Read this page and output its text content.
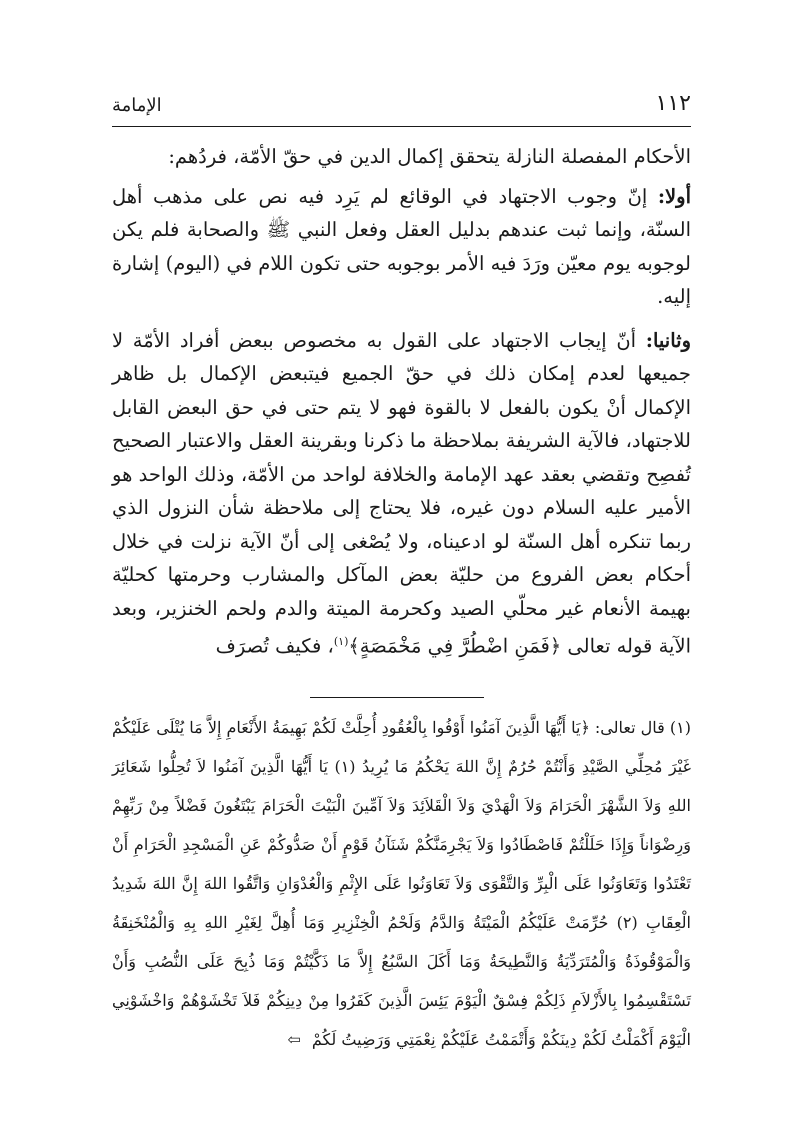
١١٢
الإمامة

الأحكام المفصلة النازلة يتحقق إكمال الدين في حقّ الأمّة، فردُهم:

أولا: إنّ وجوب الاجتهاد في الوقائع لم يَرِد فيه نص على مذهب أهل السنّة، وإنما ثبت عندهم بدليل العقل وفعل النبي ﷺ والصحابة فلم يكن لوجوبه يوم معيّن ورَدَ فيه الأمر بوجوبه حتى تكون اللام في (اليوم) إشارة إليه.

وثانيا: أنّ إيجاب الاجتهاد على القول به مخصوص ببعض أفراد الأمّة لا جميعها لعدم إمكان ذلك في حقّ الجميع فيتبعض الإكمال بل ظاهر الإكمال أنْ يكون بالفعل لا بالقوة فهو لا يتم حتى في حق البعض القابل للاجتهاد، فالآية الشريفة بملاحظة ما ذكرنا وبقرينة العقل والاعتبار الصحيح تُفصِح وتقضي بعقد عهد الإمامة والخلافة لواحد من الأمّة، وذلك الواحد هو الأمير عليه السلام دون غيره، فلا يحتاج إلى ملاحظة شأن النزول الذي ربما تنكره أهل السنّة لو ادعيناه، ولا يُصْغى إلى أنّ الآية نزلت في خلال أحكام بعض الفروع من حليّة بعض المآكل والمشارب وحرمتها كحليّة بهيمة الأنعام غير محلّي الصيد وكحرمة الميتة والدم ولحم الخنزير، وبعد الآية قوله تعالى ﴿فَمَنِ اضْطُرَّ فِي مَخْمَصَةٍ﴾$^{(١)}$، فكيف تُصرَف

(١) قال تعالى: ﴿يَا أَيُّهَا الَّذِينَ آمَنُوا أَوْفُوا بِالْعُقُودِ أُحِلَّتْ لَكُمْ بَهِيمَةُ الأَنْعَامِ إِلاَّ مَا يُتْلَى عَلَيْكُمْ غَيْرَ مُحِلِّي الصَّيْدِ وَأَنْتُمْ حُرُمٌ إِنَّ اللهَ يَحْكُمُ مَا يُرِيدُ (١) يَا أَيُّهَا الَّذِينَ آمَنُوا لاَ تُحِلُّوا شَعَائِرَ اللهِ وَلاَ الشَّهْرَ الْحَرَامَ وَلاَ الْهَدْيَ وَلاَ الْقَلاَئِدَ وَلاَ آمِّينَ الْبَيْتَ الْحَرَامَ يَبْتَغُونَ فَضْلاً مِنْ رَبِّهِمْ وَرِضْوَاناً وَإِذَا حَلَلْتُمْ فَاصْطَادُوا وَلاَ يَجْرِمَنَّكُمْ شَنَآنُ قَوْمٍ أَنْ صَدُّوكُمْ عَنِ الْمَسْجِدِ الْحَرَامِ أَنْ تَعْتَدُوا وَتَعَاوَنُوا عَلَى الْبِرِّ وَالتَّقْوَى وَلاَ تَعَاوَنُوا عَلَى الإِثْمِ وَالْعُدْوَانِ وَاتَّقُوا اللهَ إِنَّ اللهَ شَدِيدُ الْعِقَابِ (٢) حُرِّمَتْ عَلَيْكُمُ الْمَيْتَةُ وَالدَّمُ وَلَحْمُ الْخِنْزِيرِ وَمَا أُهِلَّ لِغَيْرِ اللهِ بِهِ وَالْمُنْخَنِقَةُ وَالْمَوْقُوذَةُ وَالْمُتَرَدِّيَةُ وَالنَّطِيحَةُ وَمَا أَكَلَ السَّبُعُ إِلاَّ مَا ذَكَّيْتُمْ وَمَا ذُبِحَ عَلَى النُّصُبِ وَأَنْ تَسْتَقْسِمُوا بِالأَزْلاَمِ ذَلِكُمْ فِسْقٌ الْيَوْمَ يَئِسَ الَّذِينَ كَفَرُوا مِنْ دِينِكُمْ فَلاَ تَخْشَوْهُمْ وَاخْشَوْنِي الْيَوْمَ أَكْمَلْتُ لَكُمْ دِينَكُمْ وَأَتْمَمْتُ عَلَيْكُمْ نِعْمَتِي وَرَضِيتُ لَكُمْ ⇦
